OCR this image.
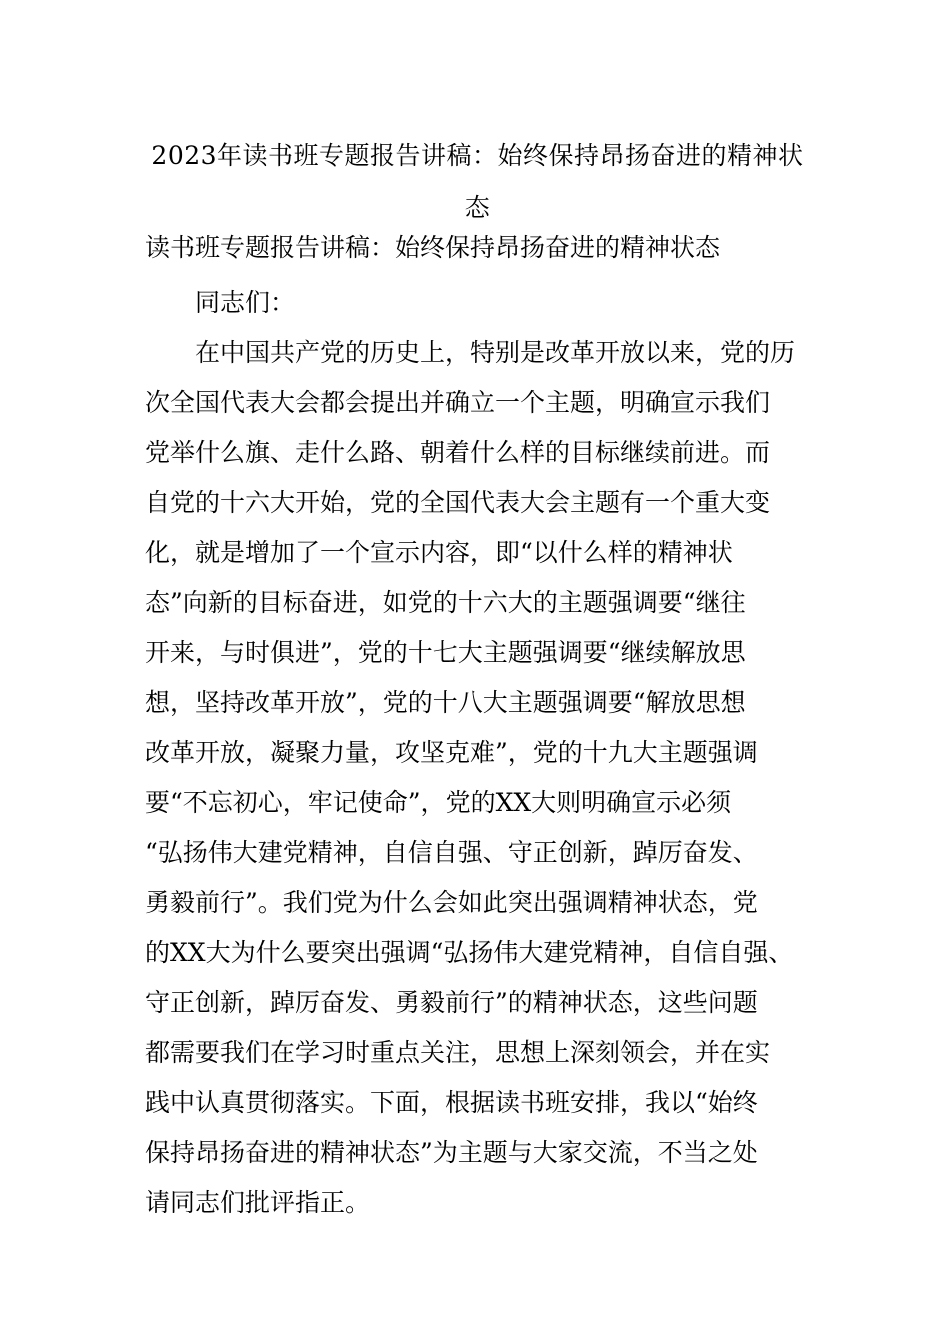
2023年读书班专题报告讲稿：始终保持昂扬奋进的精神状
态
读书班专题报告讲稿：始终保持昂扬奋进的精神状态
　　同志们：
　　在中国共产党的历史上，特别是改革开放以来，党的历
次全国代表大会都会提出并确立一个主题，明确宣示我们
党举什么旗、走什么路、朝着什么样的目标继续前进。而
自党的十六大开始，党的全国代表大会主题有一个重大变
化，就是增加了一个宣示内容，即“以什么样的精神状
态”向新的目标奋进，如党的十六大的主题强调要“继往
开来，与时俱进”，党的十七大主题强调要“继续解放思
想，坚持改革开放”，党的十八大主题强调要“解放思想
改革开放，凝聚力量，攻坚克难”，党的十九大主题强调
要“不忘初心，牢记使命”，党的XX大则明确宣示必须
“弘扬伟大建党精神，自信自强、守正创新，踔厉奋发、
勇毅前行”。我们党为什么会如此突出强调精神状态，党
的XX大为什么要突出强调“弘扬伟大建党精神，自信自强、
守正创新，踔厉奋发、勇毅前行”的精神状态，这些问题
都需要我们在学习时重点关注，思想上深刻领会，并在实
践中认真贯彻落实。下面，根据读书班安排，我以“始终
保持昂扬奋进的精神状态”为主题与大家交流，不当之处
请同志们批评指正。
